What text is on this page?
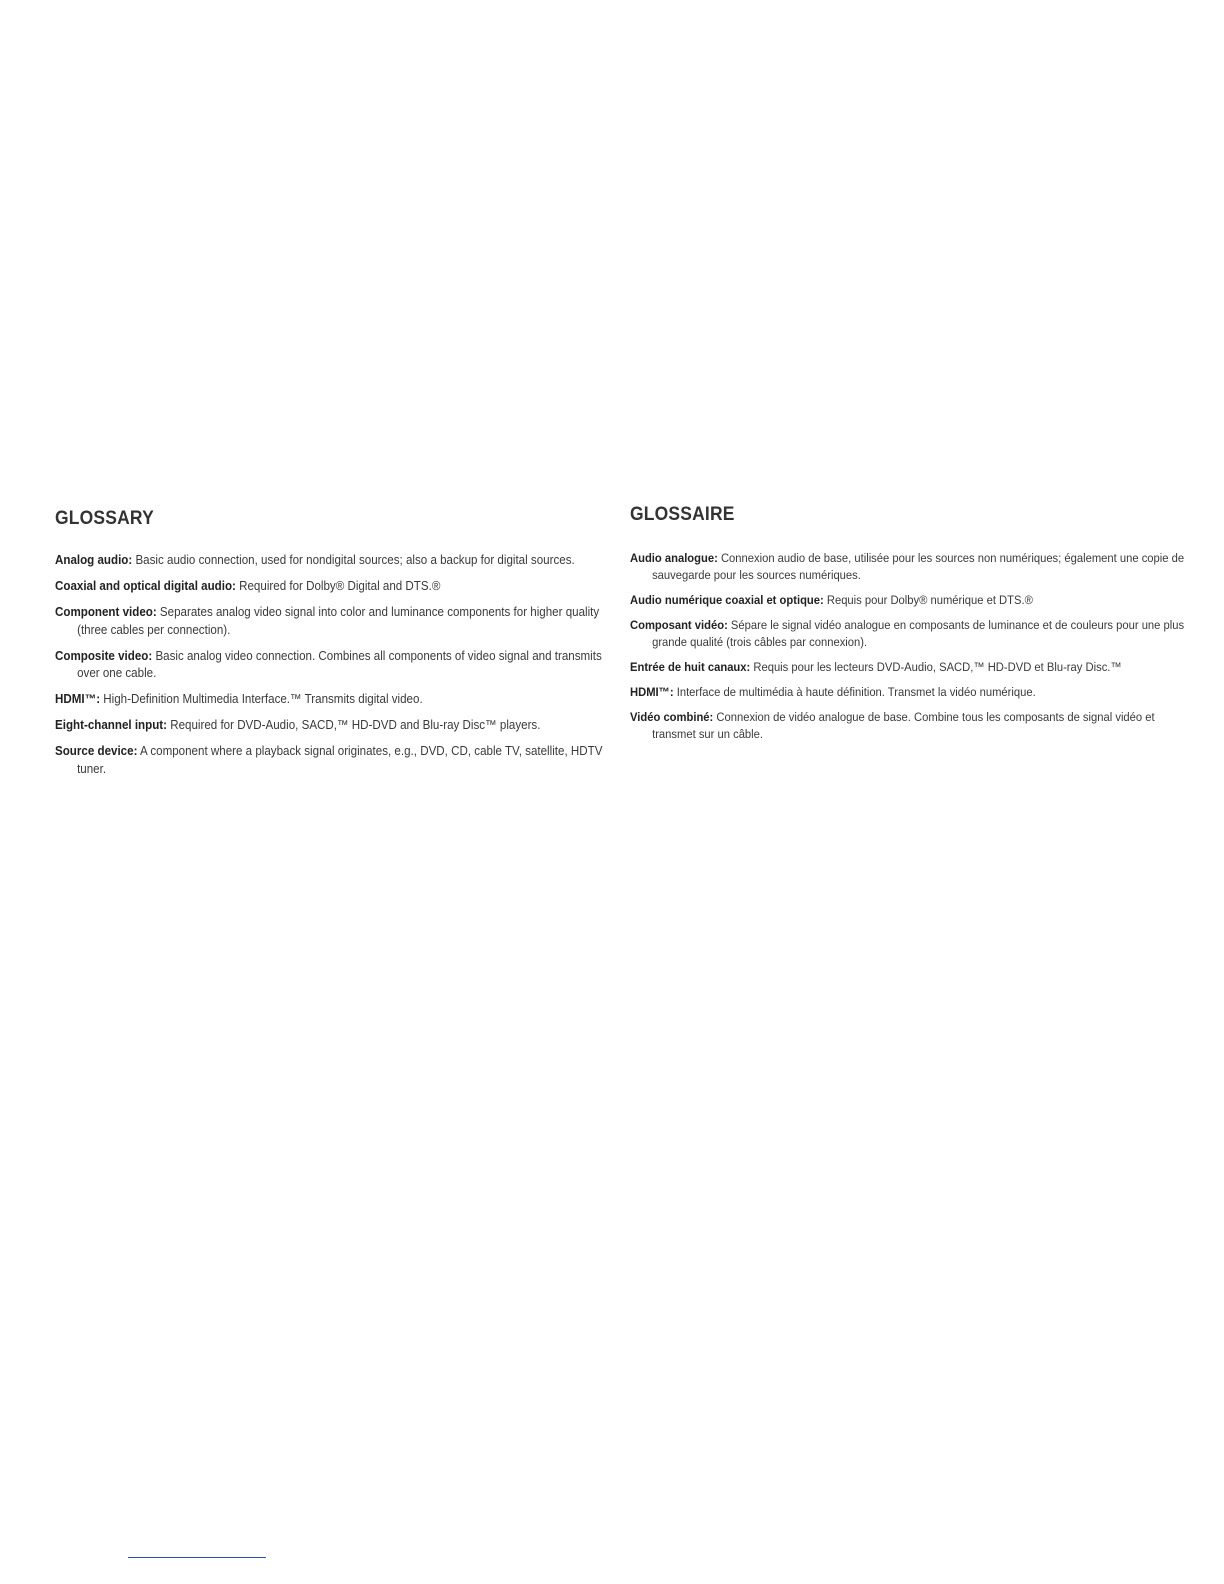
GLOSSARY

Analog audio: Basic audio connection, used for nondigital sources; also a backup for digital sources.

Coaxial and optical digital audio: Required for Dolby® Digital and DTS.®

Component video: Separates analog video signal into color and luminance components for higher quality (three cables per connection).

Composite video: Basic analog video connection. Combines all components of video signal and transmits over one cable.

HDMI™: High-Definition Multimedia Interface.™ Transmits digital video.

Eight-channel input: Required for DVD-Audio, SACD,™ HD-DVD and Blu-ray Disc™ players.

Source device: A component where a playback signal originates, e.g., DVD, CD, cable TV, satellite, HDTV tuner.

GLOSSAIRE

Audio analogue: Connexion audio de base, utilisée pour les sources non numériques; également une copie de sauvegarde pour les sources numériques.

Audio numérique coaxial et optique: Requis pour Dolby® numérique et DTS.®

Composant vidéo: Sépare le signal vidéo analogue en composants de luminance et de couleurs pour une plus grande qualité (trois câbles par connexion).

Entrée de huit canaux: Requis pour les lecteurs DVD-Audio, SACD,™ HD-DVD et Blu-ray Disc.™

HDMI™: Interface de multimédia à haute définition. Transmet la vidéo numérique.

Vidéo combiné: Connexion de vidéo analogue de base. Combine tous les composants de signal vidéo et transmet sur un câble.
